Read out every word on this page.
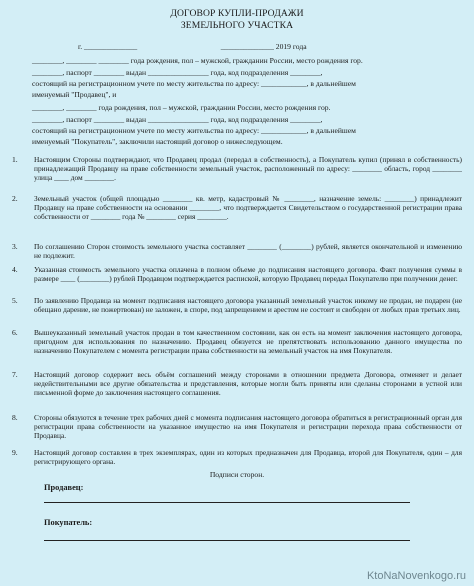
ДОГОВОР КУПЛИ-ПРОДАЖИ
ЗЕМЕЛЬНОГО УЧАСТКА
г. ______________                                            ______________ 2019 года
________, ________ ________ года рождения, пол – мужской, гражданин России, место рождения гор.
________, паспорт ________ выдан ________________ года, код подразделения ________,
состоящий на регистрационном учете по месту жительства по адресу: ____________, в дальнейшем
именуемый "Продавец", и
________, ________ года рождения, пол – мужской, гражданин России, место рождения гор.
________, паспорт ________ выдан ________________ года, код подразделения ________,
состоящий на регистрационном учете по месту жительства по адресу: ____________, в дальнейшем
именуемый "Покупатель", заключили настоящий договор о нижеследующем.
1. Настоящим Стороны подтверждают, что Продавец продал (передал в собственность), а Покупатель купил (принял в собственность) принадлежащий Продавцу на праве собственности земельный участок, расположенный по адресу: ________ область, город ________ улица ____ дом ________.
2. Земельный участок (общей площадью ________ кв. метр, кадастровый № ________, назначение земель: ________) принадлежит Продавцу на праве собственности на основании ________, что подтверждается Свидетельством о государственной регистрации права собственности от ________ года № ________ серия ________.
3. По соглашению Сторон стоимость земельного участка составляет ________ (________) рублей, является окончательной и изменению не подлежит.
4. Указанная стоимость земельного участка оплачена в полном объеме до подписания настоящего договора. Факт получения суммы в размере ____ (________) рублей Продавцом подтверждается распиской, которую Продавец передал Покупателю при получении денег.
5. По заявлению Продавца на момент подписания настоящего договора указанный земельный участок никому не продан, не подарен (не обещано дарение, не пожертвован) не заложен, в споре, под запрещением и арестом не состоит и свободен от любых прав третьих лиц.
6. Вышеуказанный земельный участок продан в том качественном состоянии, как он есть на момент заключения настоящего договора, пригодном для использования по назначению. Продавец обязуется не препятствовать использованию данного имущества по назначению Покупателем с момента регистрации права собственности на земельный участок на имя Покупателя.
7. Настоящий договор содержит весь объём соглашений между сторонами в отношении предмета Договора, отменяет и делает недействительными все другие обязательства и представления, которые могли быть приняты или сделаны сторонами в устной или письменной форме до заключения настоящего соглашения.
8. Стороны обязуются в течение трех рабочих дней с момента подписания настоящего договора обратиться в регистрационный орган для регистрации права собственности на указанное имущество на имя Покупателя и регистрации перехода права собственности от Продавца.
9. Настоящий договор составлен в трех экземплярах, один из которых предназначен для Продавца, второй для Покупателя, один – для регистрирующего органа.
Подписи сторон.
Продавец:
Покупатель:
KtoNaNovenkogo.ru
